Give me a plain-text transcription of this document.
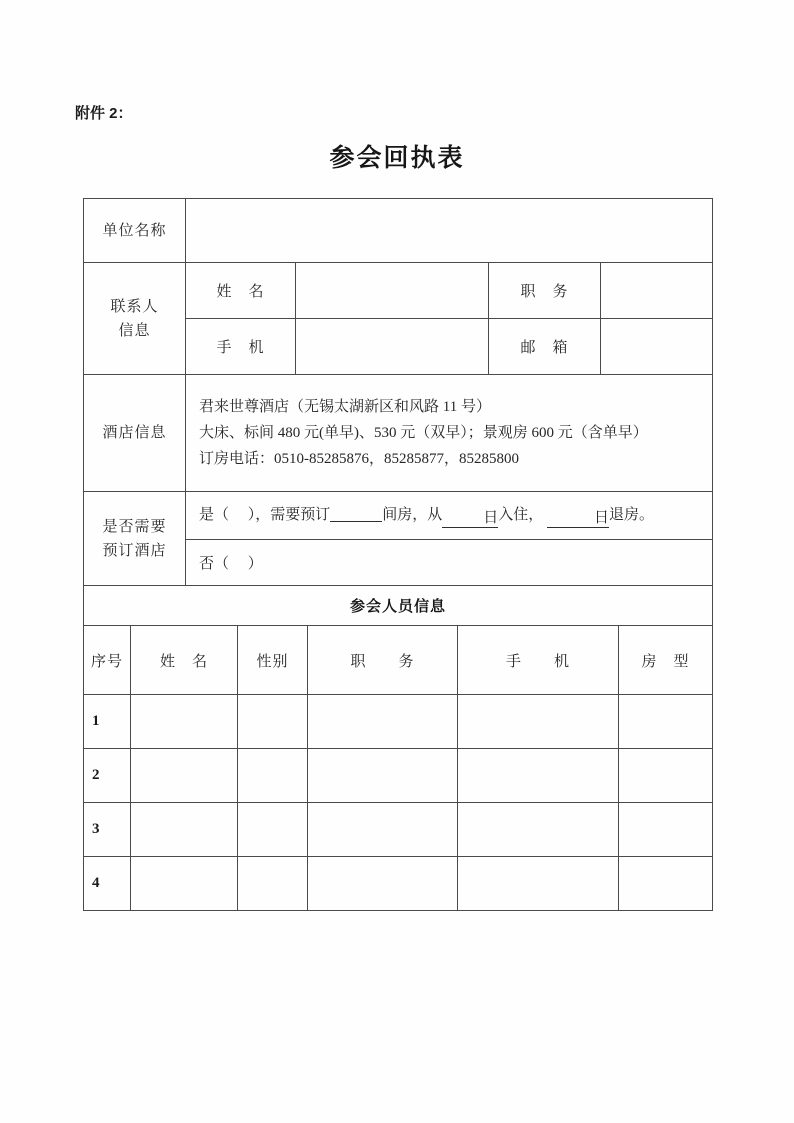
附件 2：
参会回执表
单位名称				

联系人
信息	姓　名		职　务	
	手　机		邮　箱	
酒店信息	君来世尊酒店（无锡太湖新区和风路 11 号）
大床、标间 480 元(单早)、530 元（双早）；景观房 600 元（含单早）
订房电话：0510-85285876，85285877，85285800			

是否需要
预订酒店	是（　 ），需要预订 间房，从 日入住， 日退房。			
	否（　 ）			
参会人员信息					
序号	姓　名	性别	职　　务	手　　机	房　型
1					
2					
3					
4					
